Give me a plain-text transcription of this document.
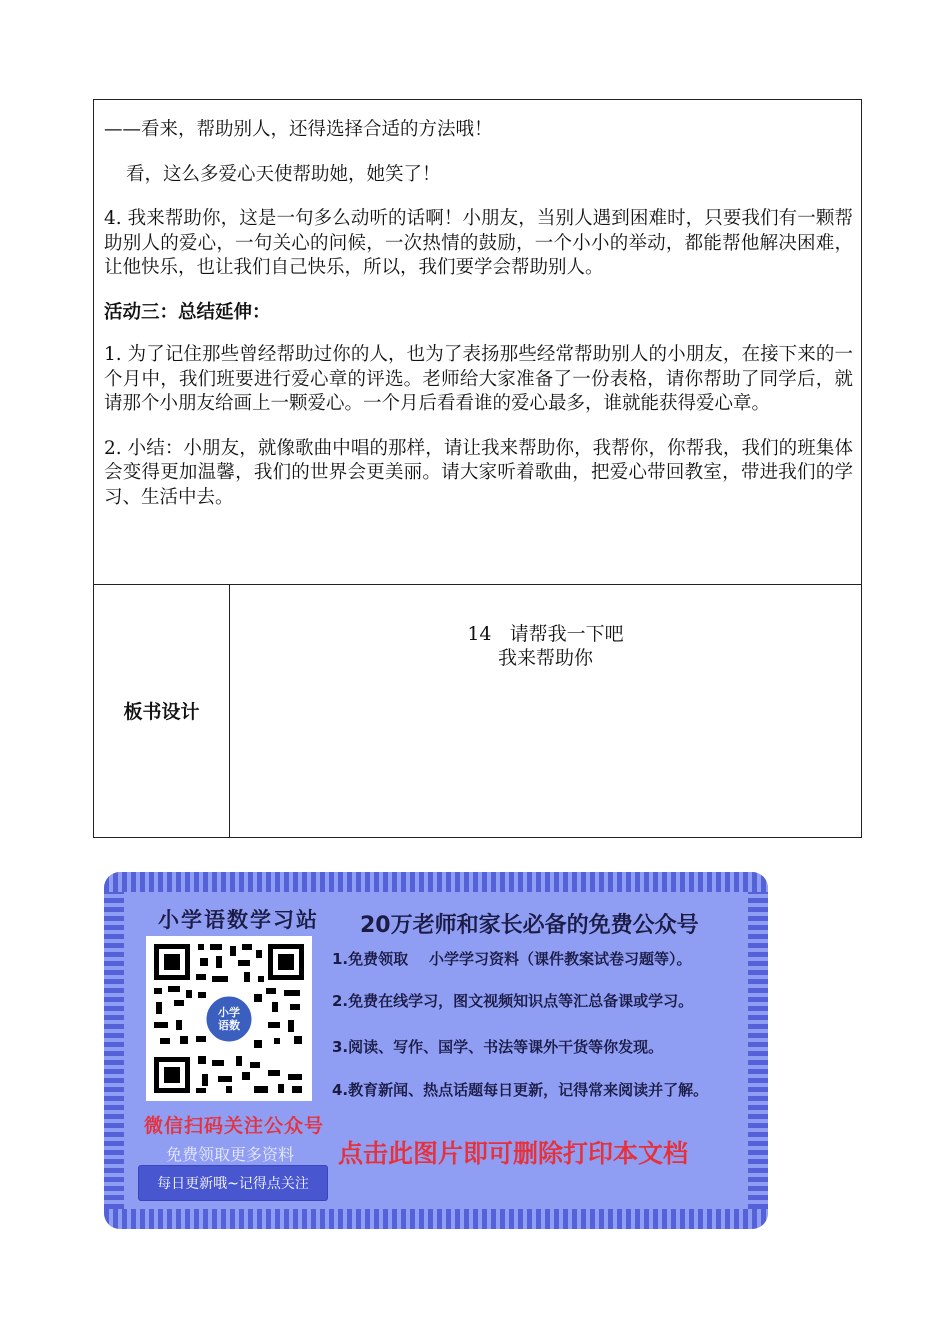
——看来，帮助别人，还得选择合适的方法哦！

看，这么多爱心天使帮助她，她笑了！

4. 我来帮助你，这是一句多么动听的话啊！小朋友，当别人遇到困难时，只要我们有一颗帮助别人的爱心，一句关心的问候，一次热情的鼓励，一个小小的举动，都能帮他解决困难，让他快乐，也让我们自己快乐，所以，我们要学会帮助别人。

活动三：总结延伸：

1. 为了记住那些曾经帮助过你的人，也为了表扬那些经常帮助别人的小朋友，在接下来的一个月中，我们班要进行爱心章的评选。老师给大家准备了一份表格，请你帮助了同学后，就请那个小朋友给画上一颗爱心。一个月后看看谁的爱心最多，谁就能获得爱心章。

2. 小结：小朋友，就像歌曲中唱的那样，请让我来帮助你，我帮你，你帮我，我们的班集体会变得更加温馨，我们的世界会更美丽。请大家听着歌曲，把爱心带回教室，带进我们的学习、生活中去。

板书设计
14   请帮我一下吧
我来帮助你
小学语数学习站
小学语数
微信扫码关注公众号
免费领取更多资料
每日更新哦~记得点关注
20万老师和家长必备的免费公众号
1.免费领取    小学学习资料（课件教案试卷习题等）。
2.免费在线学习，图文视频知识点等汇总备课或学习。
3.阅读、写作、国学、书法等课外干货等你发现。
4.教育新闻、热点话题每日更新，记得常来阅读并了解。
点击此图片即可删除打印本文档
